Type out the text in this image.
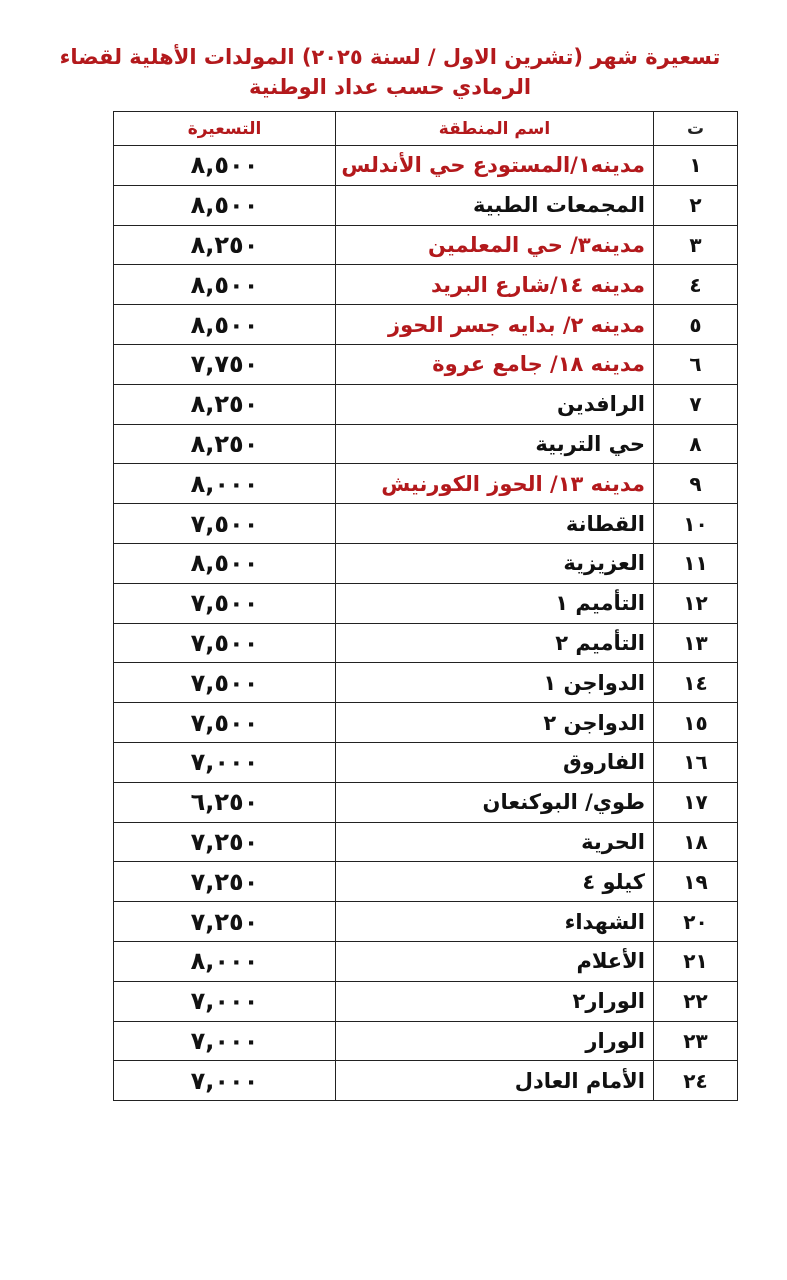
تسعيرة شهر (تشرين الاول / لسنة ٢٠٢٥) المولدات الأهلية لقضاء
الرمادي حسب عداد الوطنية
ت	اسم المنطقة	التسعيرة
١	مدينه١/المستودع حي الأندلس	٨,٥٠٠
٢	المجمعات الطبية	٨,٥٠٠
٣	مدينه٣/ حي المعلمين	٨,٢٥٠
٤	مدينه ١٤/شارع البريد	٨,٥٠٠
٥	مدينه ٢/ بدايه جسر الحوز	٨,٥٠٠
٦	مدينه ١٨/ جامع عروة	٧,٧٥٠
٧	الرافدين	٨,٢٥٠
٨	حي التربية	٨,٢٥٠
٩	مدينه ١٣/ الحوز الكورنيش	٨,٠٠٠
١٠	القطانة	٧,٥٠٠
١١	العزيزية	٨,٥٠٠
١٢	التأميم ١	٧,٥٠٠
١٣	التأميم ٢	٧,٥٠٠
١٤	الدواجن ١	٧,٥٠٠
١٥	الدواجن ٢	٧,٥٠٠
١٦	الفاروق	٧,٠٠٠
١٧	طوي/ البوكنعان	٦,٢٥٠
١٨	الحرية	٧,٢٥٠
١٩	كيلو ٤	٧,٢٥٠
٢٠	الشهداء	٧,٢٥٠
٢١	الأعلام	٨,٠٠٠
٢٢	الورار٢	٧,٠٠٠
٢٣	الورار	٧,٠٠٠
٢٤	الأمام العادل	٧,٠٠٠
